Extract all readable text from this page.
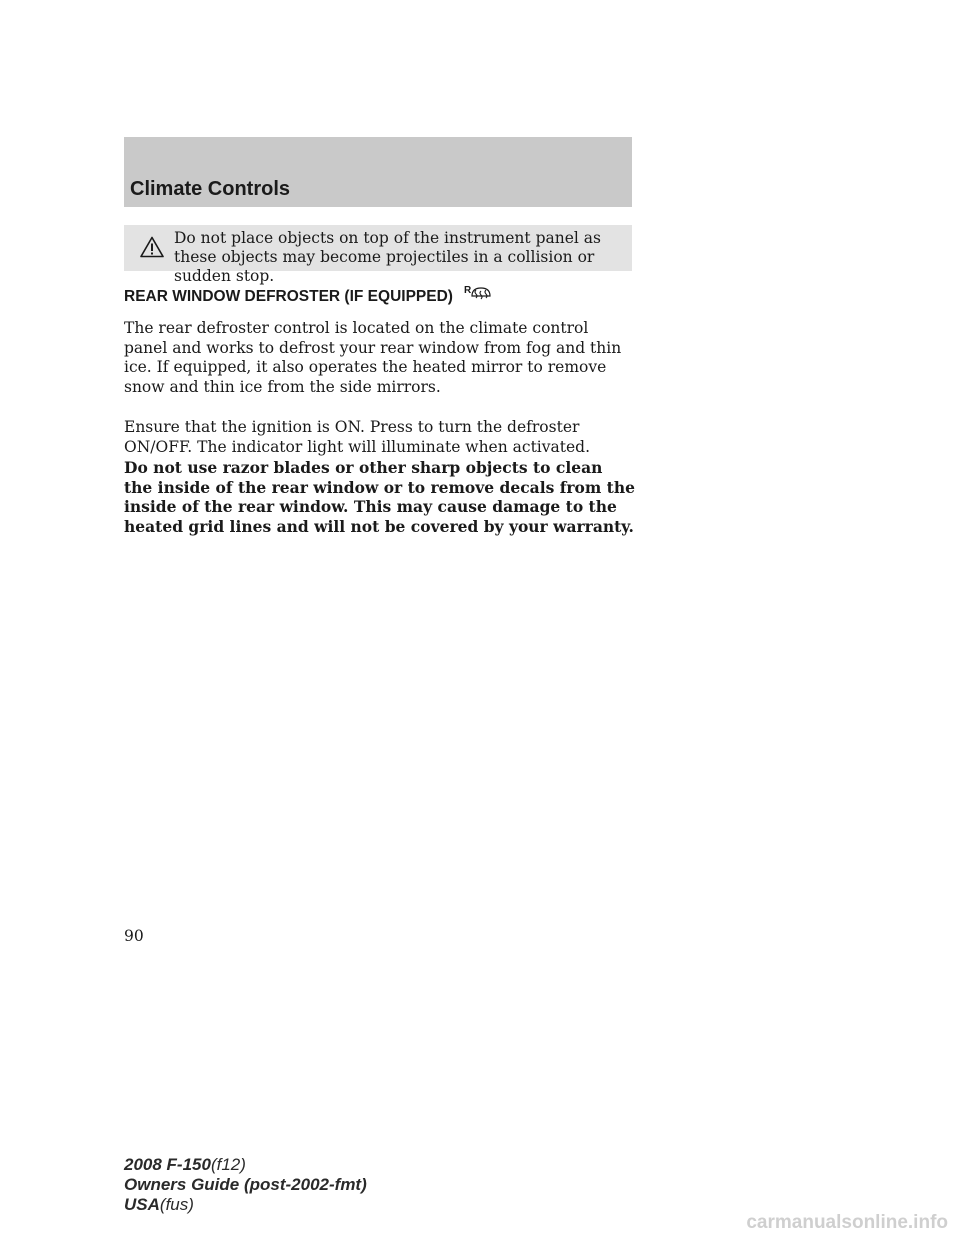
Climate Controls
Do not place objects on top of the instrument panel as these objects may become projectiles in a collision or sudden stop.
REAR WINDOW DEFROSTER (IF EQUIPPED) R

The rear defroster control is located on the climate control panel and works to defrost your rear window from fog and thin ice. If equipped, it also operates the heated mirror to remove snow and thin ice from the side mirrors.

Ensure that the ignition is ON. Press to turn the defroster ON/OFF. The indicator light will illuminate when activated.

Do not use razor blades or other sharp objects to clean the inside of the rear window or to remove decals from the inside of the rear window. This may cause damage to the heated grid lines and will not be covered by your warranty.

90
2008 F-150(f12)
Owners Guide (post-2002-fmt)
USA(fus)
carmanualsonline.info
